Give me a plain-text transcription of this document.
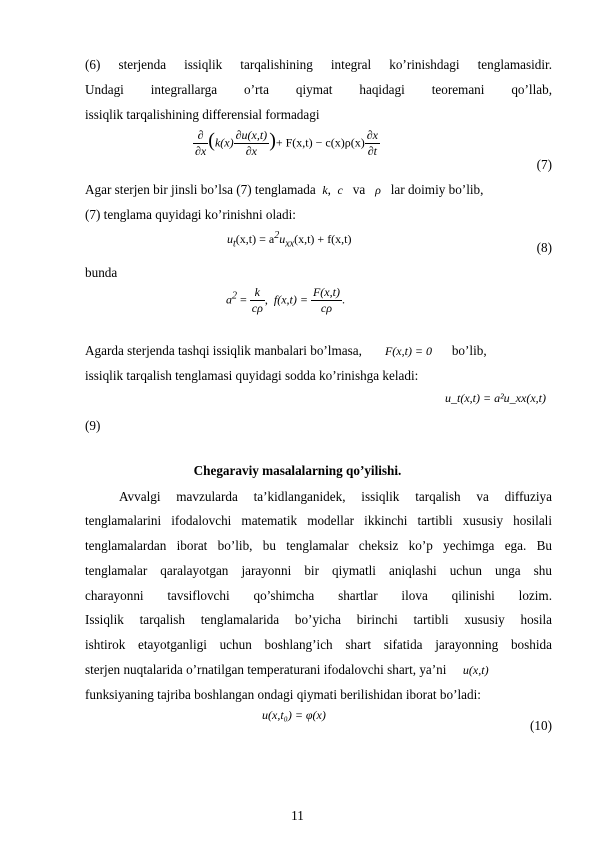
(6) sterjenda issiqlik tarqalishining integral ko’rinishdagi tenglamasidir.
Undagi integrallarga o’rta qiymat haqidagi teoremani qo’llab,
issiqlik tarqalishining differensial formadagi
$\frac{\partial}{\partial x} (k(x) \frac{\partial u(x,t)}{\partial x}$ )+ $F(x,t) - c(x)\rho(x) \frac{\partial x}{\partial t}$
(7)
Agar sterjen bir jinsli bo’lsa (7) tenglamada k, c va ρ lar doimiy bo’lib,
(7) tenglama quyidagi ko’rinishni oladi:
$u_t(x,t) = a^2u_{xx}(x,t) + f(x,t)$
(8)
bunda
$a^2 = \frac{k}{c\rho}$ , $f(x,t) = \frac{F(x,t)}{c\rho}$ .
Agarda sterjenda tashqi issiqlik manbalari bo’lmasa, F(x,t) = 0 bo’lib,
issiqlik tarqalish tenglamasi quyidagi sodda ko’rinishga keladi:
u_t(x,t) = a²u_xx(x,t)
(9)
Chegaraviy masalalarning qo’yilishi.
Avvalgi mavzularda ta’kidlanganidek, issiqlik tarqalish va diffuziya
tenglamalarini ifodalovchi matematik modellar ikkinchi tartibli xususiy hosilali
tenglamalardan iborat bo’lib, bu tenglamalar cheksiz ko’p yechimga ega. Bu
tenglamalar qaralayotgan jarayonni bir qiymatli aniqlashi uchun unga shu
charayonni tavsiflovchi qo’shimcha shartlar ilova qilinishi lozim.
Issiqlik tarqalish tenglamalarida bo’yicha birinchi tartibli xususiy hosila
ishtirok etayotganligi uchun boshlang’ich shart sifatida jarayonning boshida
sterjen nuqtalarida o’rnatilgan temperaturani ifodalovchi shart, ya’ni u(x,t)
funksiyaning tajriba boshlangan ondagi qiymati berilishidan iborat bo’ladi:
u(x,t₀) = φ(x)
(10)
11
